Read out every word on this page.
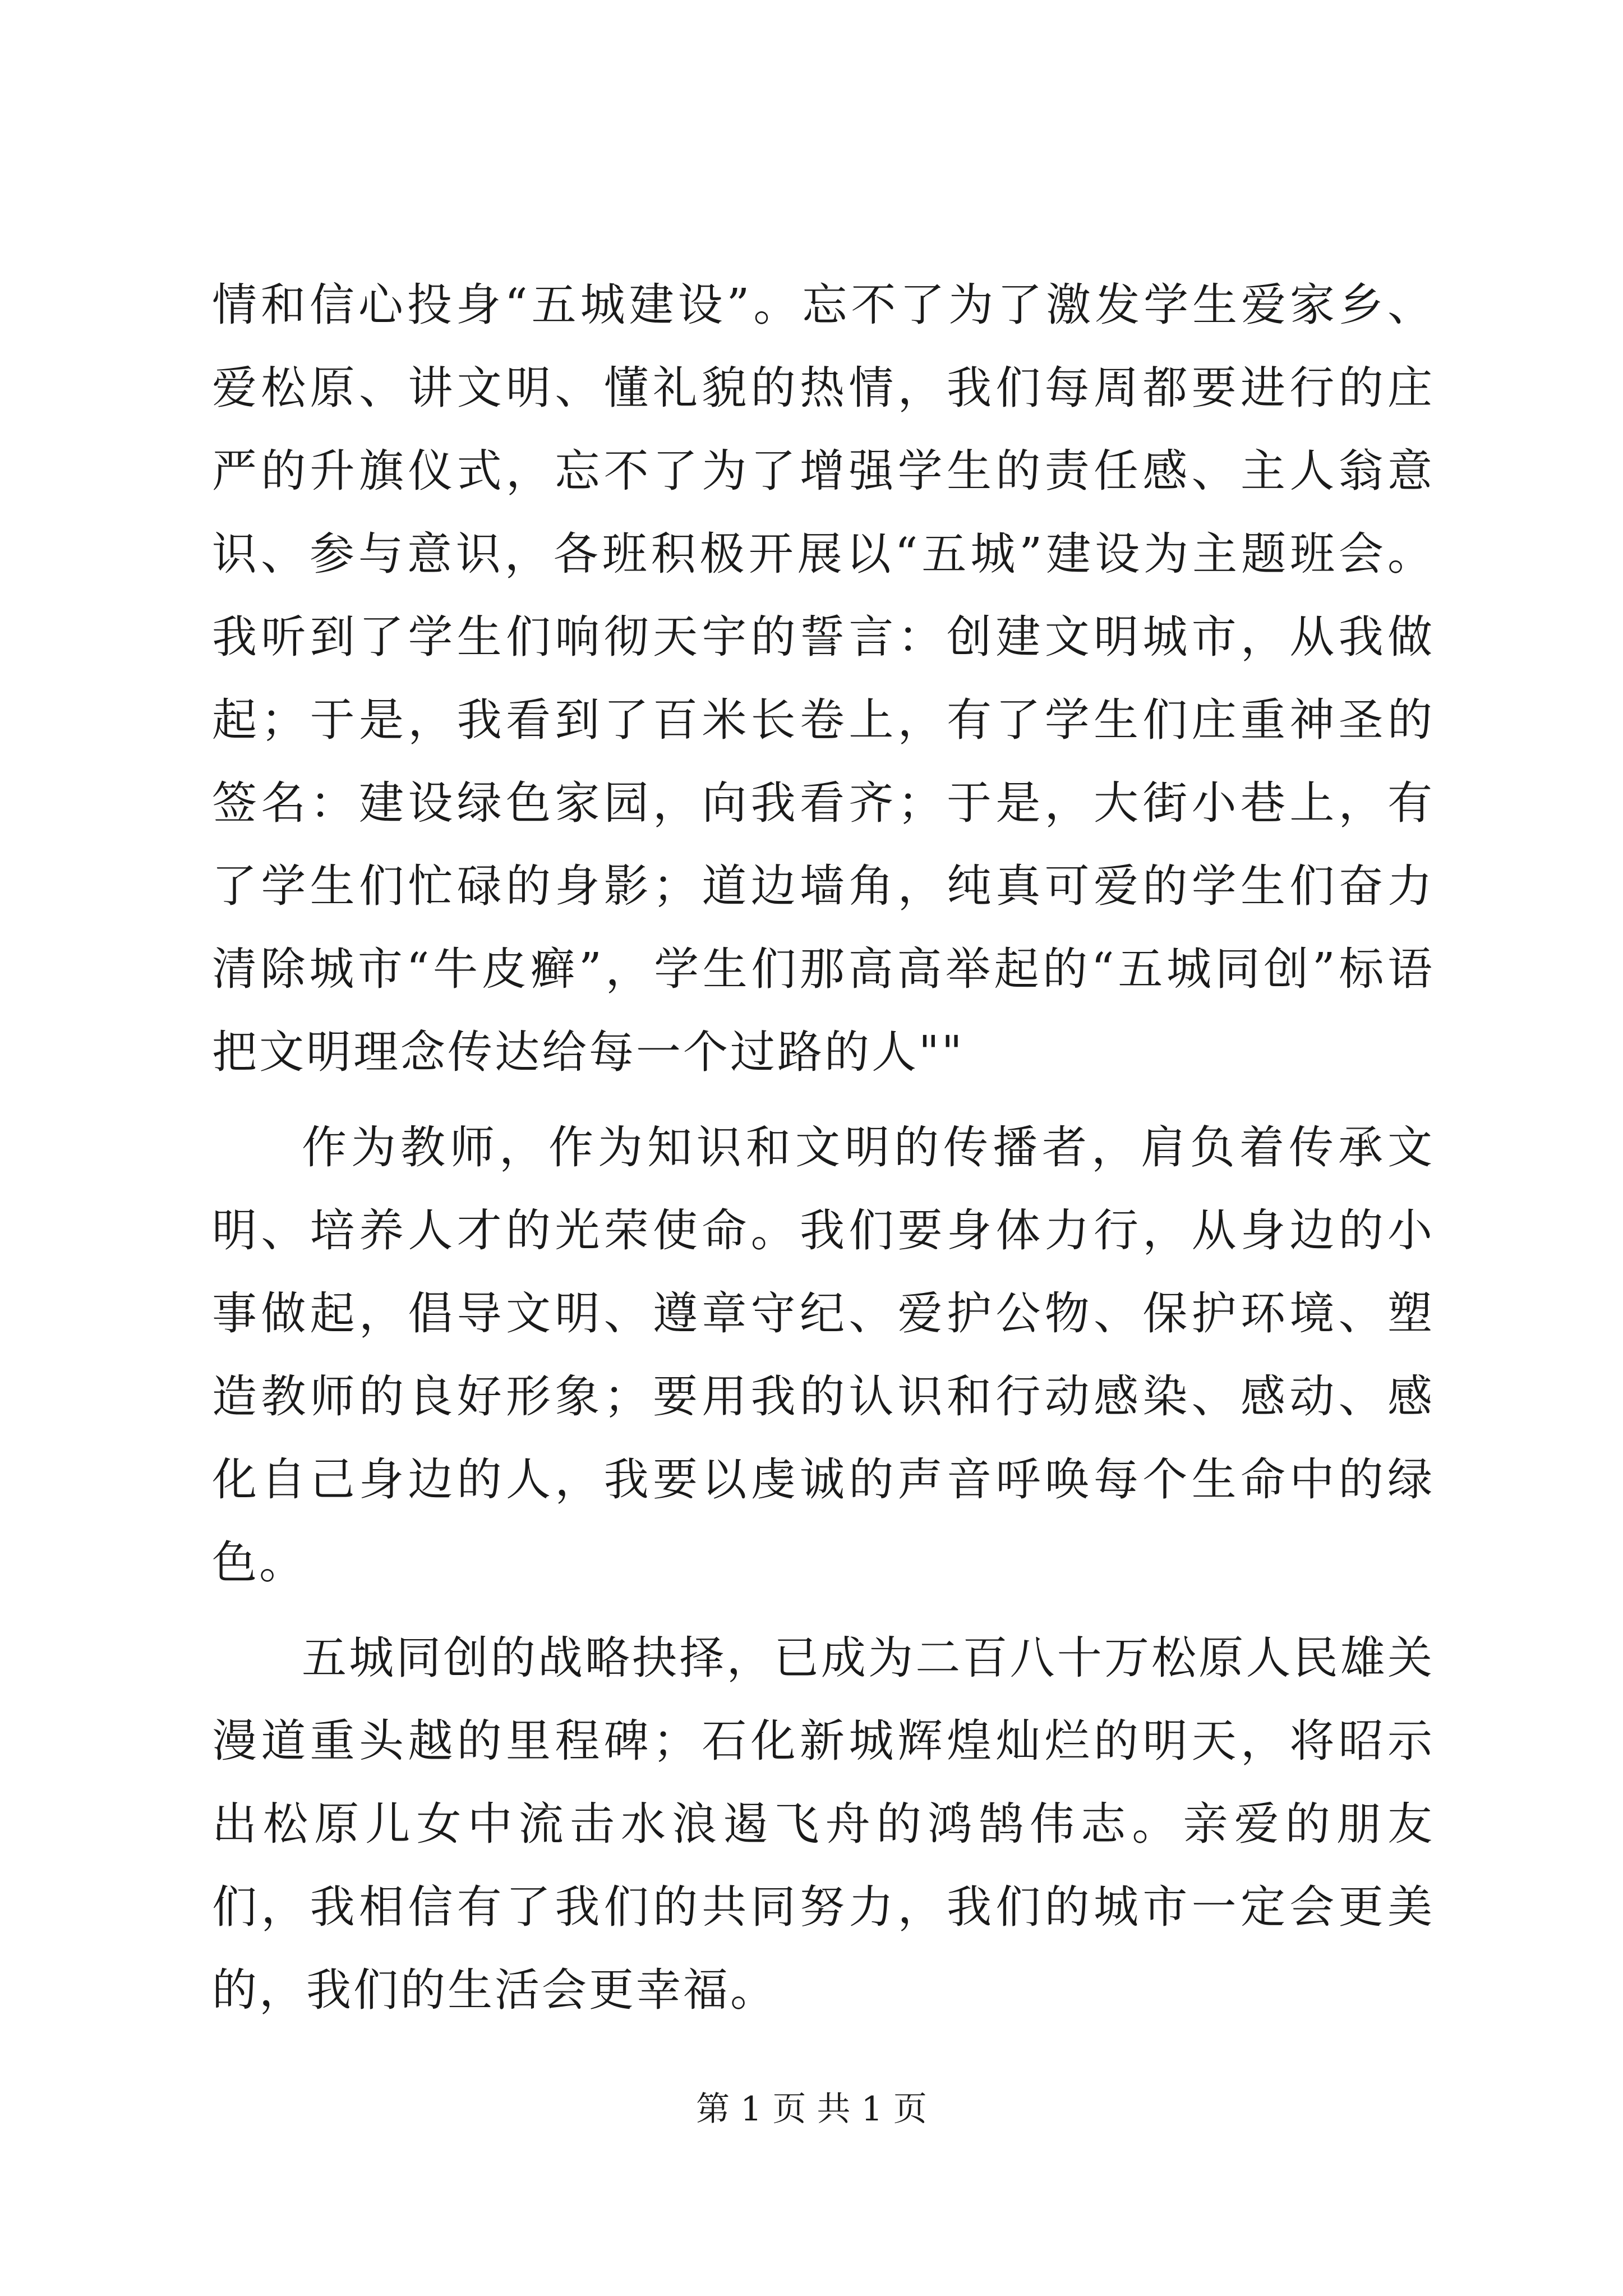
情和信心投身“五城建设”。忘不了为了激发学生爱家乡、爱松原、讲文明、懂礼貌的热情，我们每周都要进行的庄严的升旗仪式，忘不了为了增强学生的责任感、主人翁意识、参与意识，各班积极开展以“五城”建设为主题班会。我听到了学生们响彻天宇的誓言：创建文明城市，从我做起；于是，我看到了百米长卷上，有了学生们庄重神圣的签名：建设绿色家园，向我看齐；于是，大街小巷上，有了学生们忙碌的身影；道边墙角，纯真可爱的学生们奋力清除城市“牛皮癣”，学生们那高高举起的“五城同创”标语把文明理念传达给每一个过路的人""

作为教师，作为知识和文明的传播者，肩负着传承文明、培养人才的光荣使命。我们要身体力行，从身边的小事做起，倡导文明、遵章守纪、爱护公物、保护环境、塑造教师的良好形象；要用我的认识和行动感染、感动、感化自己身边的人，我要以虔诚的声音呼唤每个生命中的绿色。

五城同创的战略抉择，已成为二百八十万松原人民雄关漫道重头越的里程碑；石化新城辉煌灿烂的明天，将昭示出松原儿女中流击水浪遏飞舟的鸿鹄伟志。亲爱的朋友们，我相信有了我们的共同努力，我们的城市一定会更美的，我们的生活会更幸福。

第 1 页 共 1 页
